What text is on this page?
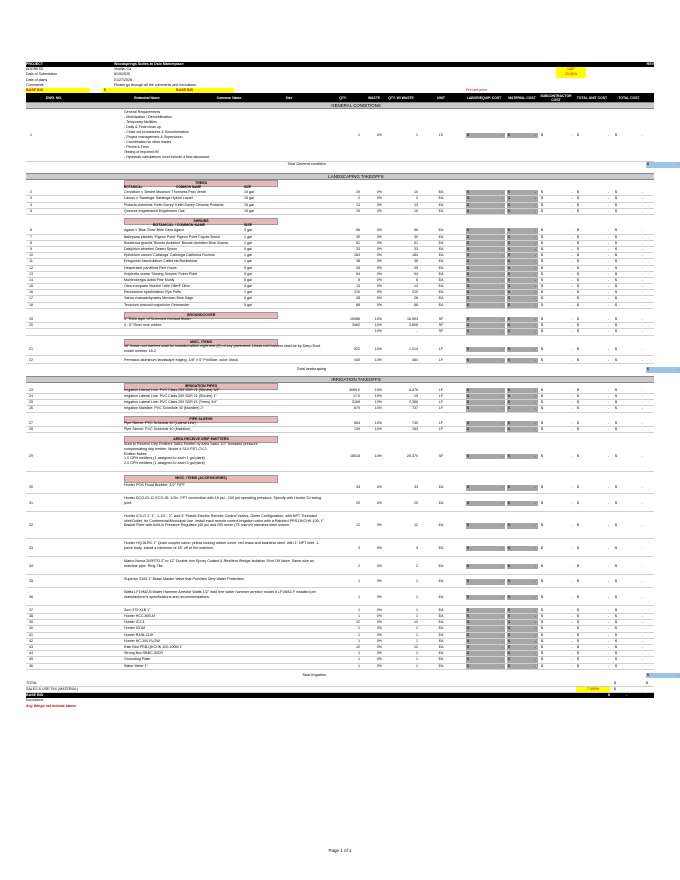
PROJECT	Woodsprings Suites at Oslo Marketplace	REV0
ADDRESS	Visalia, Ca	O&P
Date of Submission	8/19/2025	20.00%
Date of plans	01/27/2026
Comments	Please go through all the comments and exclusions
BASE BID	$	-	BASE BID	Put unit price
DWG. NO.	Botanical Name	Common Name	Size	QTY.	WASTE	QTY. W/ WASTE	UNIT	LABOR/EQUIP. COST	MATERIAL COST	SUBCONTRACTOR COST	TOTAL UNIT COST	TOTAL COST	SUBTOTALS
GENERAL CONDITIONS
1
General Requirements
- Mobilization / Demobilization
- Temporary facilities
- Daily & Final clean up
- Close out procedures & Documentation
- Project management & Supervision
- Coordination w/ other trades
- Permit & Fees
Testing of imported fill
- Hydraulic calculations must include a flow allowance
1	0%	1	LS	$	- $	- $	- $	- $	-
Total General condition	$	-
LANDSCAPING TAKEOFFS
TREES
BOTANICAL	COMMON NAME	SIZE
2	Cercidium x 'Desert Museum' Thornless Palo Verde	15 gal	10	0%	10	EA	$	- $	- $	- $	- $	-
3	Laurus x 'Saratoga' Saratoga Hybrid Laurel	15 gal	2	0%	2	EA	$	- $	- $	- $	- $	-
4	Pistacia chinensis 'Keith Davey' Keith Davey Chinese Pistache	15 gal	13	0%	13	EA	$	- $	- $	- $	- $	-
5	Quercus engelmannii Engelmann Oak	15 gal	10	0%	10	EA	$	- $	- $	- $	- $	-
SHRUBS
BOTANICAL / COMMON NAME	SIZE
6	Agave x 'Blue Glow' Blue Glow Agave	5 gal	56	0%	56	EA	$	- $	- $	- $	- $	-
7	Baileyana pilularis 'Pigeon Point' Pigeon Point Coyote Brush	1 gal	30	0%	30	EA	$	- $	- $	- $	- $	-
8	Bouteloua gracilis 'Blonde Ambition' Blonde Ambition Blue Grama	1 gal	51	0%	51	EA	$	- $	- $	- $	- $	-
9	Dasylirion wheeleri Desert Spoon	5 gal	33	0%	33	EA	$	- $	- $	- $	- $	-
10	Epilobium canum 'Calistoga' Calistoga California Fuchsia	1 gal	184	0%	184	EA	$	- $	- $	- $	- $	-
11	Eriogonum fasciculatum California Buckwheat	1 gal	38	0%	38	EA	$	- $	- $	- $	- $	-
12	Hesperaloe parviflora Red Yucca	5 gal	35	0%	35	EA	$	- $	- $	- $	- $	-
13	Kniphofia uvaria 'Shining Sceptre' Poker Plant	5 gal	54	0%	54	EA	$	- $	- $	- $	- $	-
14	Muhlenbergia dubia Pine Muhly	5 gal	8	0%	8	EA	$	- $	- $	- $	- $	-
15	Olea europaea 'Montra' Little Ollie® Olive	5 gal	13	0%	13	EA	$	- $	- $	- $	- $	-
16	Pennisetum spathiolatum Rye Puffs	1 gal	210	0%	210	EA	$	- $	- $	- $	- $	-
17	Salvia chamaedryoides Mexican Blue Sage	5 gal	28	0%	28	EA	$	- $	- $	- $	- $	-
18	Teucrium cossonii majoricum Germander	5 gal	88	0%	88	EA	$	- $	- $	- $	- $	-
GROUNDCOVER
19	3" Thick layer of Screened Orchard Mulch	15085	10%	16,593	SF	$	- $	- $	- $	- $	-
20	4 - 8" River rock cobble,	3462	10%	3,808	SF	$	- $	- $	- $	- $	-
10%	-	SF	$	- $	- $	- $	- $	-
MISC. ITEMS
21
18" linear root barriers shall be installed within eight feet (8') of any pavement. Linear root barriers shall be by Deep Root model number 18-2	922	10%	1,014	LF	$	- $	- $	- $	- $	-
22	Permaloc aluminum landscape edging, 1/8" x 4" ProSlide, color: black.	440	10%	484	LF	$	- $	- $	- $	- $	-
Total landscaping	$	-
IRRIGATION TAKEOFFS
IRRIGATION PIPES
23	Irrigation Lateral Line: PVC Class 200 SDR 21 (Shrubs) 3/4"	4069.0	10%	4,476	LF	$	- $	- $	- $	- $	-
24	Irrigation Lateral Line: PVC Class 200 SDR 21 (Shrubs) 1"	17.0	10%	19	LF	$	- $	- $	- $	- $	-
25	Irrigation Lateral Line: PVC Class 200 SDR 21 (Trees) 3/4"	2169	10%	2,386	LF	$	- $	- $	- $	- $	-
26	Irrigation Mainline: PVC Schedule 40 (Mainline) 2"	670	10%	737	LF	$	- $	- $	- $	- $	-
PIPE SLEEVE
27	Pipe Sleeve: PVC Schedule 40 (Lateral Line)	664	10%	730	LF	$	- $	- $	- $	- $	-
28	Pipe Sleeve: PVC Schedule 40 (Mainline)	139	10%	153	LF	$	- $	- $	- $	- $	-
AREA RECEIVE DRIP EMITTERS
29
Area to Receive Drip Emitters Salco Emitter by Area Salco 1/2" threaded pressure
compensating drip emitter. Model # SLV-PST-CV-2
Emitter Notes:
1.0 GPH emitters (1 assigned to each 1 gal plant)
2.0 GPH emitters (1 assigned to each 5 gal plant)
18518	10%	20,370	SF	$	- $	- $	- $	- $	-
MISC. ITEMS (ACCESSORIES)
30
Hunter PCB Flood Bubbler, 1/2" FIPT
33	0%	33	EA	$	- $	- $	- $	- $	-
31
Hunter ECO-ID-12 ECO-ID: 1/2in. FPT connection with 15 psi - 100 psi operating pressure. Specify with Hunter SJ swing joint.	20	0%	20	EA	$	- $	- $	- $	- $	-
32
Hunter ICV-G 1" 1", 1-1/2", 2", and 3" Plastic Electric Remote Control Valves, Globe Configuration, with NPT Threaded Inlet/Outlet, for Commercial/Municipal Use. Install each remote control irrigation valve with a Rainbird PRS-DKCHK-100, 1" Basket Filter with built-in Pressure Regulator (40 psi and 200 mesh (75 micron) stainless steel screen.	12	0%	12	EA	$	- $	- $	- $	- $	-
33
Hunter HQ-5LRC 1" Quick coupler valve; yellow locking rubber cover, red brass and stainless steel, with 1" NPT inlet, 1-piece body. Install a minimum of 18" off of the mainline.	3	0%	3	EA	$	- $	- $	- $	- $	-
34
Matco-Norca 200RTO 2" to 12" Double Iron Epoxy Coated & Resilient Wedge Isolation Shut Off Valve. Same size as mainline pipe. Ring-Tite.	2	0%	2	EA	$	- $	- $	- $	- $	-
35
Superior 3100 1" Brass Master Valve that Provides Dirty Water Protection.
1	0%	1	EA	$	- $	- $	- $	- $	-
36
Watts LF19M2-B Water Hammer Arrestor Watts 1/2" lead free water hammer arrestor model # LF15M2-F installed per manufacturer's specifications and recommendations.	1	0%	1	EA	$	- $	- $	- $	- $	-
37	Zurn 375 XLB 1"	1	0%	1	EA	$	- $	- $	- $	- $	-
38	Hunter HCC-800-M	1	0%	1	EA	$	- $	- $	- $	- $	-
39	Hunter ICZ-1	12	0%	12	EA	$	- $	- $	- $	- $	-
40	Hunter ICDM	1	0%	1	EA	$	- $	- $	- $	- $	-
41	Hunter RAIN-CLIK	1	0%	1	EA	$	- $	- $	- $	- $	-
42	Hunter HC-100-FLOW	1	0%	1	EA	$	- $	- $	- $	- $	-
43	Rain Bird PRB-QKCHK-100-100M 1"	12	0%	12	EA	$	- $	- $	- $	- $	-
44	Strong Box SBBC-30CR	1	0%	1	EA	$	- $	- $	- $	- $	-
45	Grounding Plate	1	0%	1	EA	$	- $	- $	- $	- $	-
46	Water Meter 1"	1	0%	1	EA	$	- $	- $	- $	- $	-
Total Irrigation	$	-
TOTAL	$	$
SALES & USE TAX (MATERIAL)	7.000%	$	-
BASE BID	$	-
Exclusions
Any things not include above
Page 1 of 1
